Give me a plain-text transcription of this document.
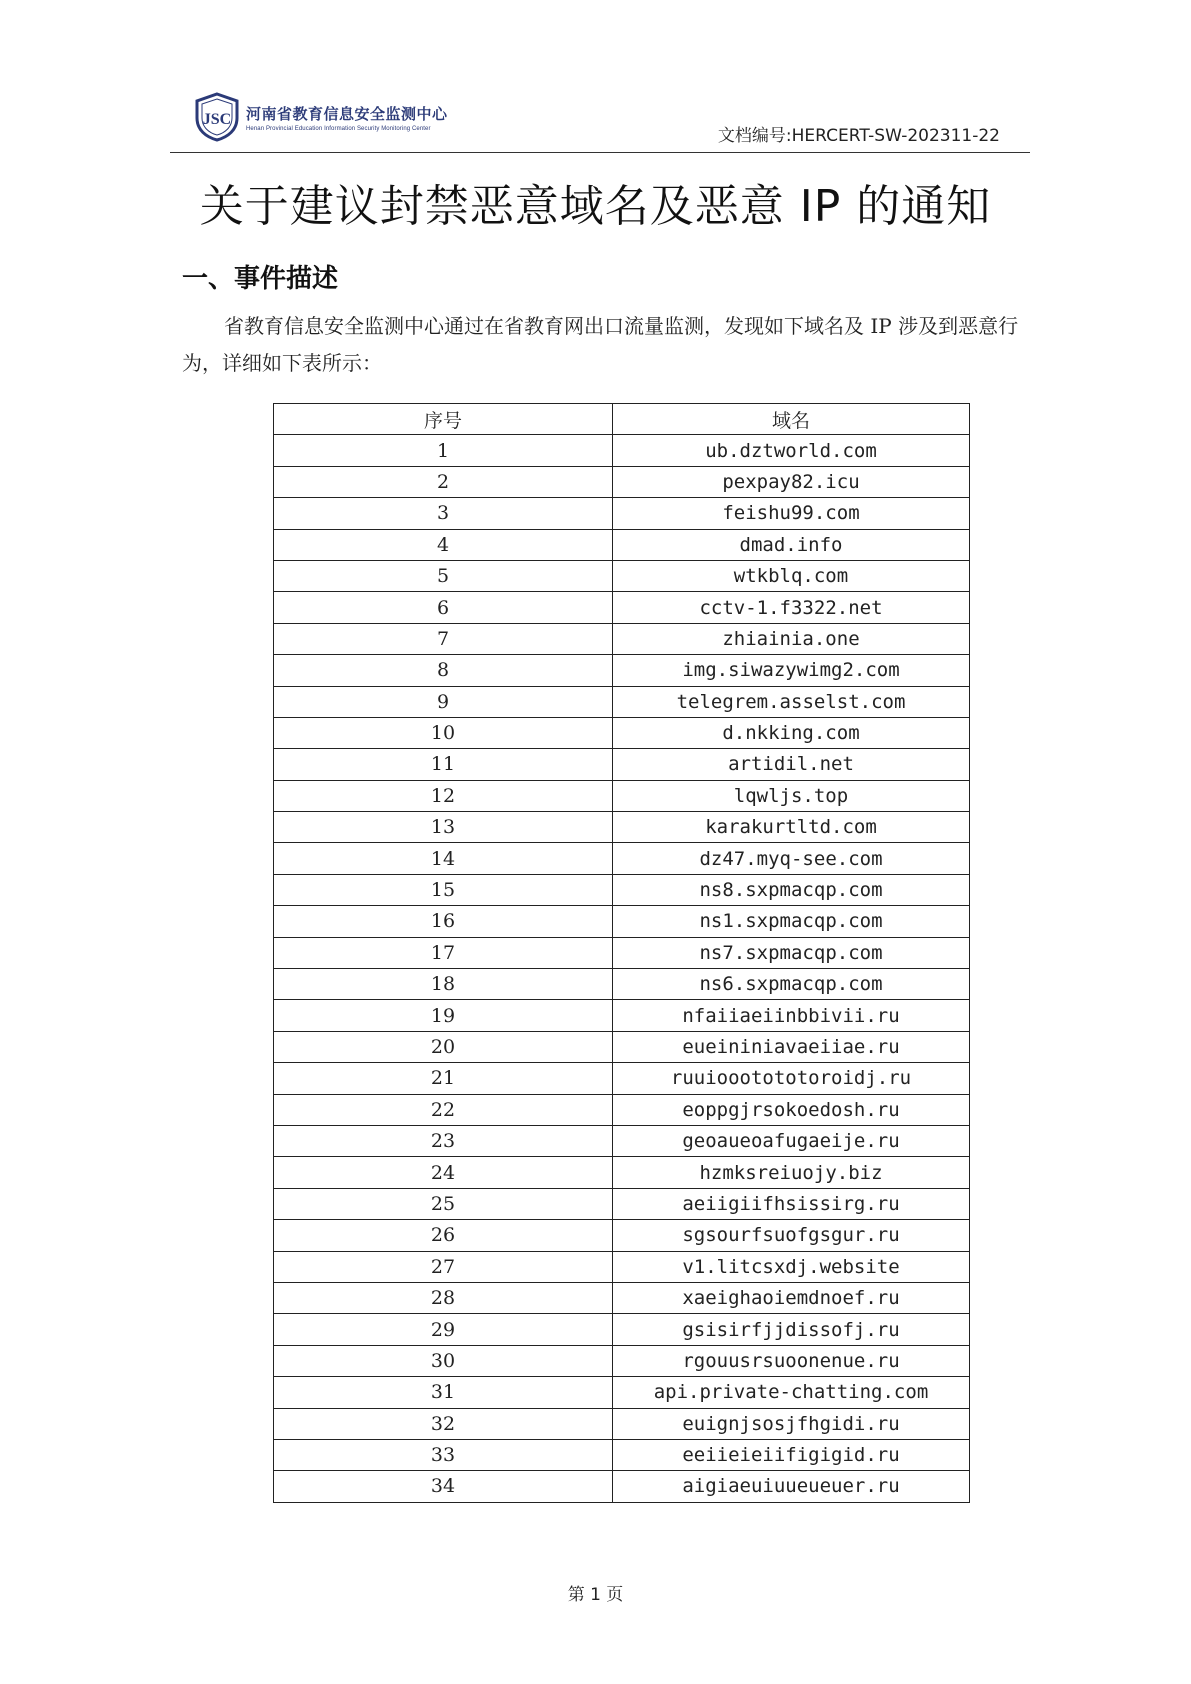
JSC 河南省教育信息安全监测中心
Henan Provincial Education Information Security Monitoring Center	文档编号:HERCERT-SW-202311-22
关于建议封禁恶意域名及恶意 IP 的通知
一、事件描述
省教育信息安全监测中心通过在省教育网出口流量监测，发现如下域名及 IP 涉及到恶意行为，详细如下表所示：
序号	域名
1	ub.dztworld.com
2	pexpay82.icu
3	feishu99.com
4	dmad.info
5	wtkblq.com
6	cctv-1.f3322.net
7	zhiainia.one
8	img.siwazywimg2.com
9	telegrem.asselst.com
10	d.nkking.com
11	artidil.net
12	lqwljs.top
13	karakurtltd.com
14	dz47.myq-see.com
15	ns8.sxpmacqp.com
16	ns1.sxpmacqp.com
17	ns7.sxpmacqp.com
18	ns6.sxpmacqp.com
19	nfaiiaeiinbbivii.ru
20	eueininiavaeiiae.ru
21	ruuioootototoroidj.ru
22	eoppgjrsokoedosh.ru
23	geoaueoafugaeije.ru
24	hzmksreiuojy.biz
25	aeiigiifhsissirg.ru
26	sgsourfsuofgsgur.ru
27	v1.litcsxdj.website
28	xaeighaoiemdnoef.ru
29	gsisirfjjdissofj.ru
30	rgouusrsuoonenue.ru
31	api.private-chatting.com
32	euignjsosjfhgidi.ru
33	eeiieieiifigigid.ru
34	aigiaeuiuueueuer.ru
第 1 页
